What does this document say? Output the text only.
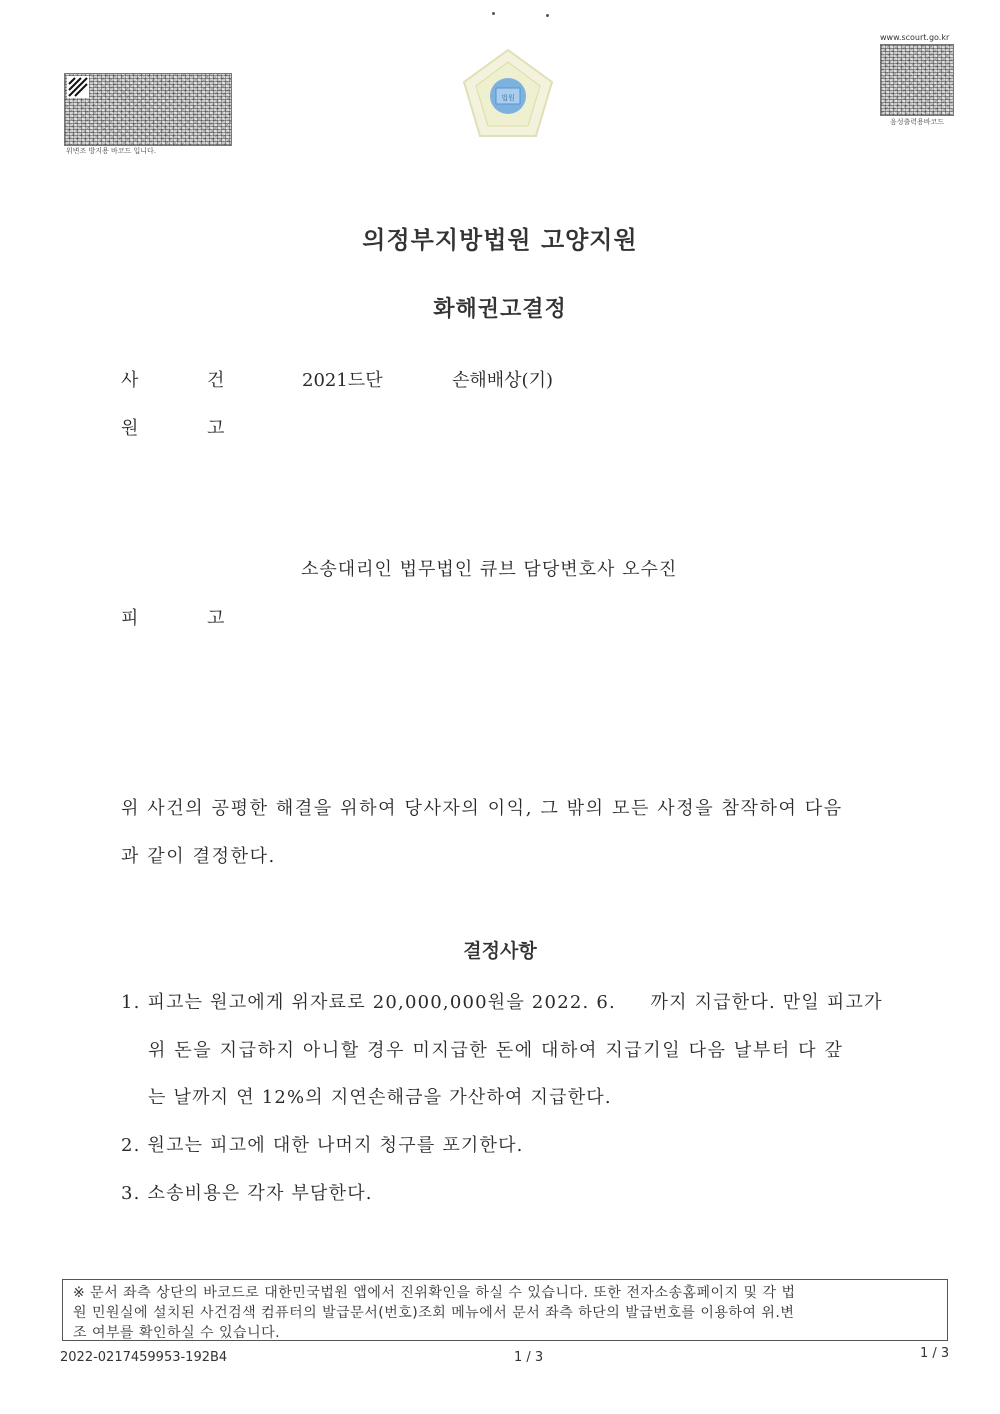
위변조 방지용 바코드 입니다.
법원
www.scourt.go.kr
음성출력용바코드
의정부지방법원 고양지원
화해권고결정
사	건	2021드단	손해배상(기)
원	고
소송대리인 법무법인 큐브 담당변호사 오수진
피	고
위 사건의 공평한 해결을 위하여 당사자의 이익, 그 밖의 모든 사정을 참작하여 다음
과 같이 결정한다.
결정사항
1. 피고는 원고에게 위자료로 20,000,000원을 2022. 6.     까지 지급한다. 만일 피고가
위 돈을 지급하지 아니할 경우 미지급한 돈에 대하여 지급기일 다음 날부터 다 갚
는 날까지 연 12%의 지연손해금을 가산하여 지급한다.
2. 원고는 피고에 대한 나머지 청구를 포기한다.
3. 소송비용은 각자 부담한다.
※ 문서 좌측 상단의 바코드로 대한민국법원 앱에서 진위확인을 하실 수 있습니다. 또한 전자소송홈페이지 및 각 법
원 민원실에 설치된 사건검색 컴퓨터의 발급문서(번호)조회 메뉴에서 문서 좌측 하단의 발급번호를 이용하여 위.변
조 여부를 확인하실 수 있습니다.
2022-0217459953-192B4	1 / 3	1 / 3
